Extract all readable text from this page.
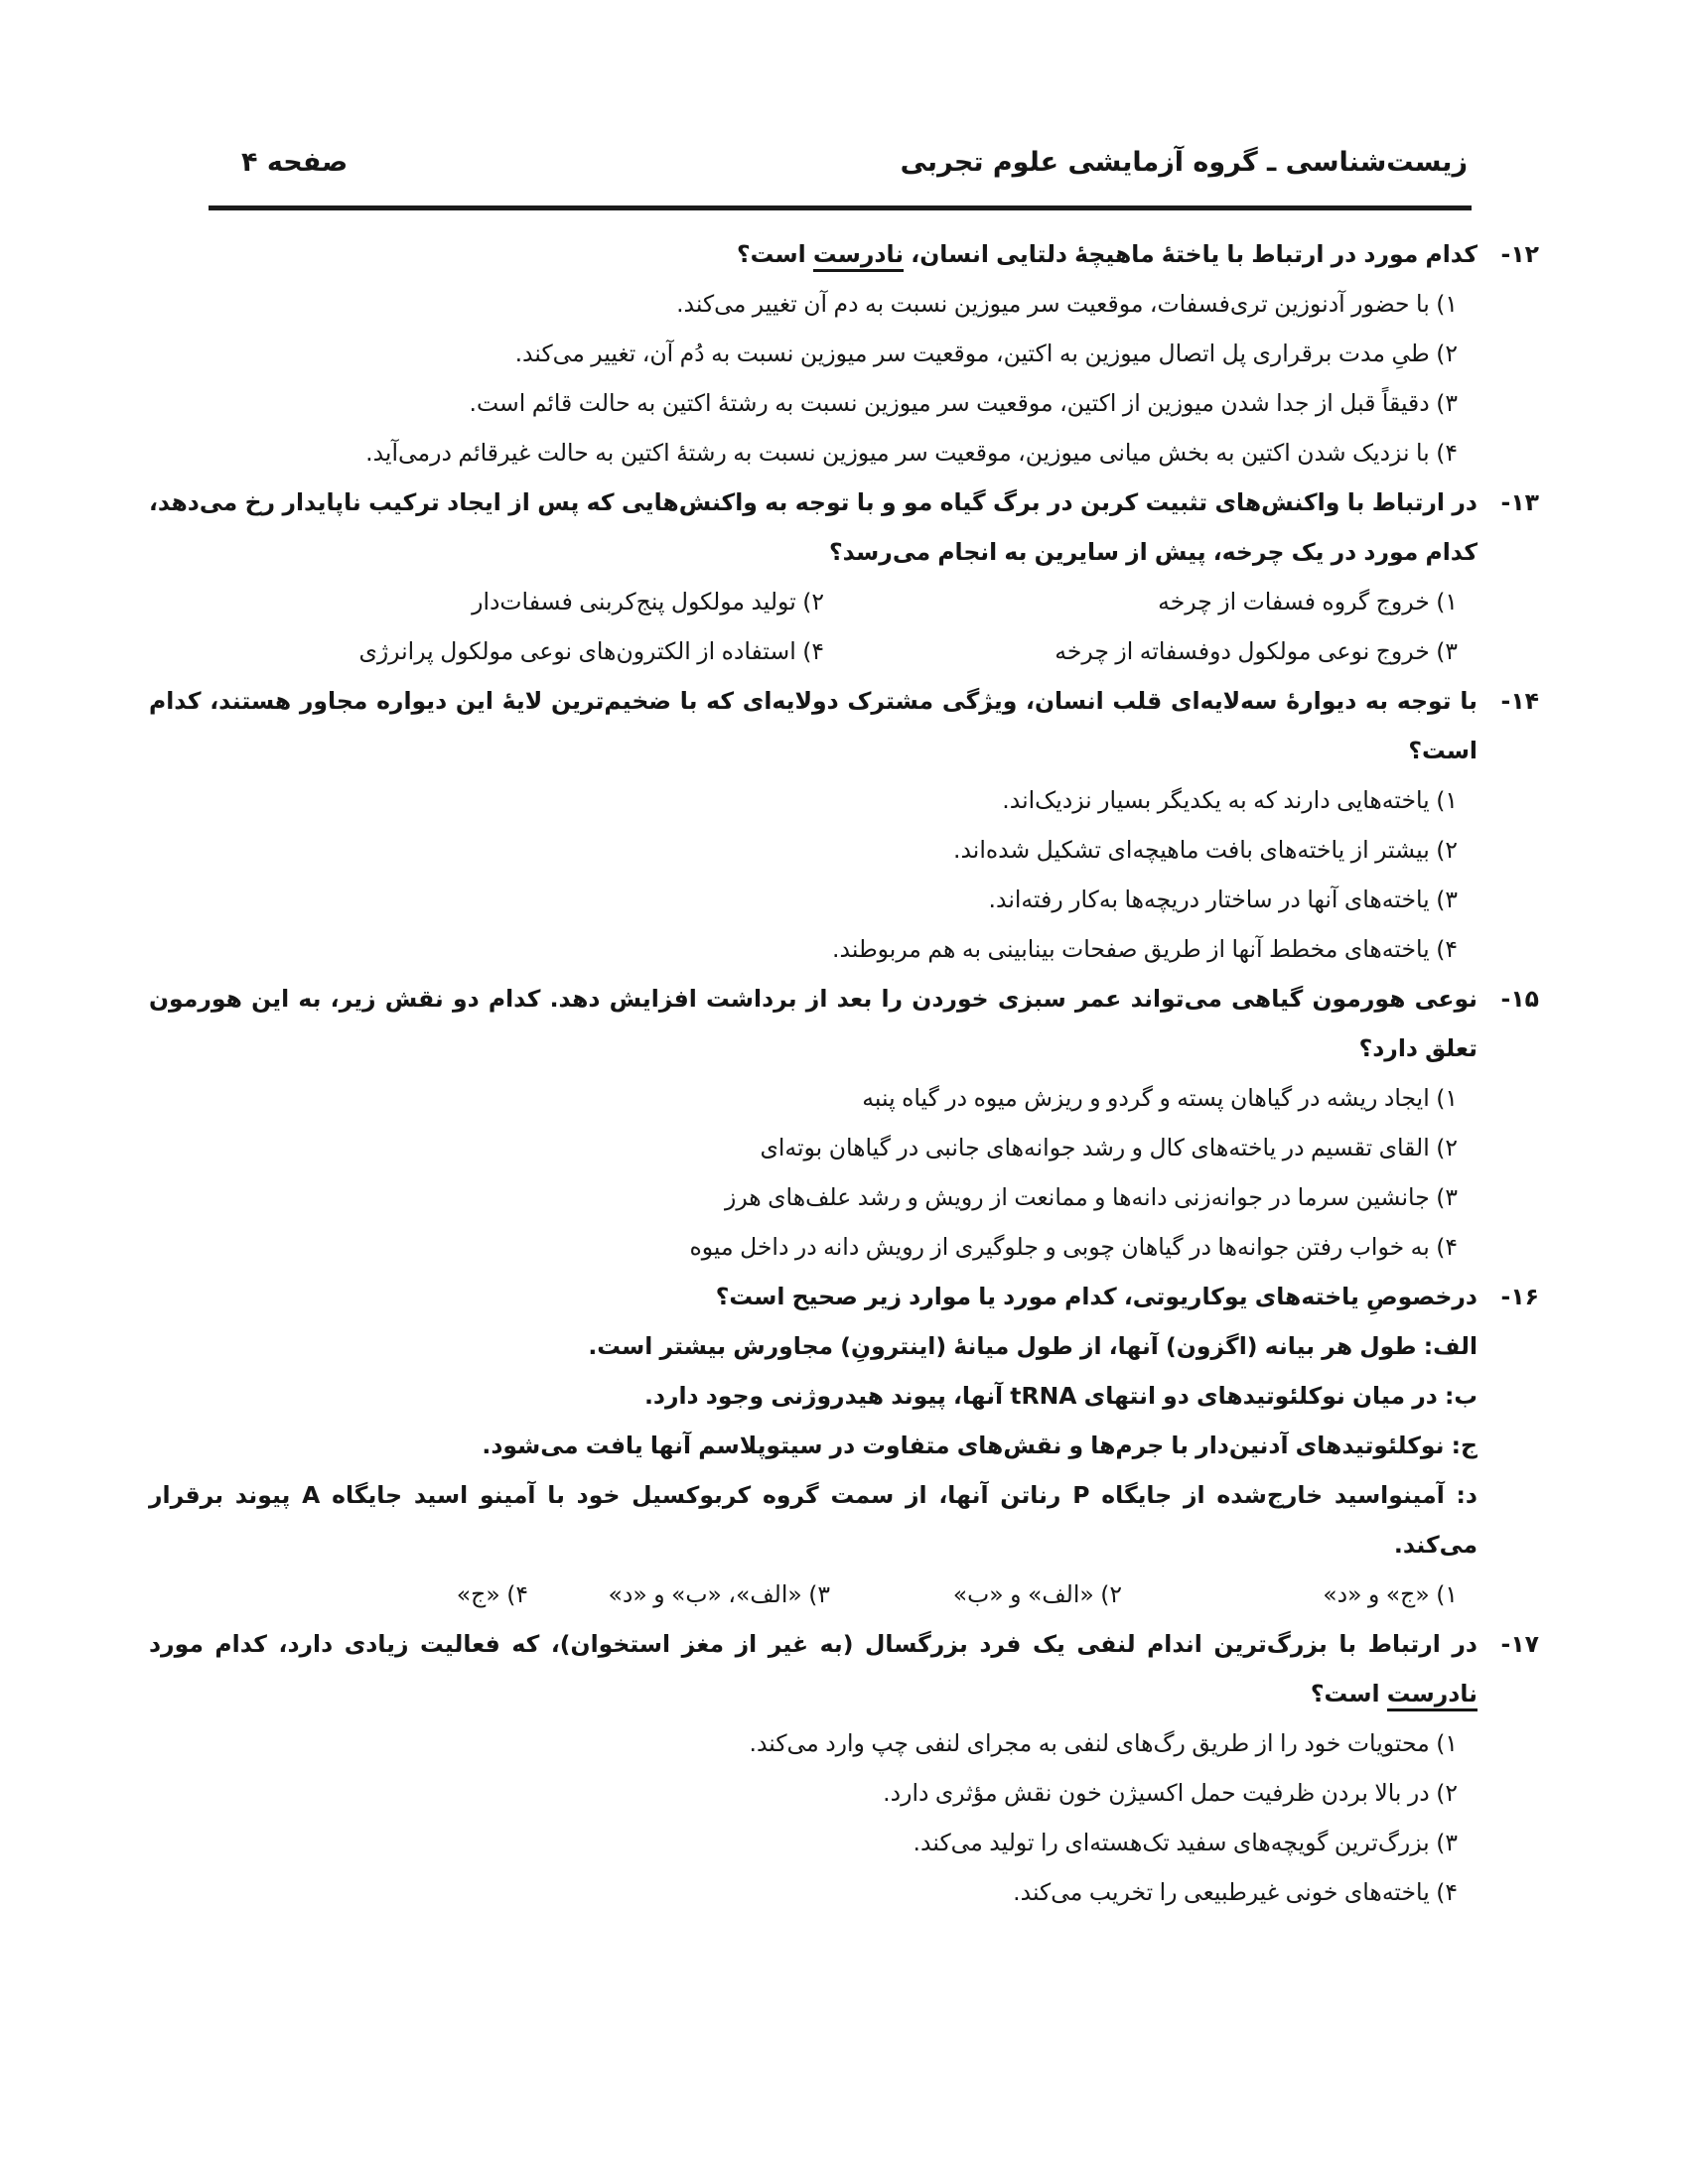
صفحه ۴	زیست‌شناسی ـ گروه آزمایشی علوم تجربی
۱۲-
کدام مورد در ارتباط با یاختهٔ ماهیچهٔ دلتایی انسان، نادرست است؟
۱) با حضور آدنوزین تری‌فسفات، موقعیت سر میوزین نسبت به دم آن تغییر می‌کند.
۲) طیِ مدت برقراری پل اتصال میوزین به اکتین، موقعیت سر میوزین نسبت به دُم آن، تغییر می‌کند.
۳) دقیقاً قبل از جدا شدن میوزین از اکتین، موقعیت سر میوزین نسبت به رشتهٔ اکتین به حالت قائم است.
۴) با نزدیک شدن اکتین به بخش میانی میوزین، موقعیت سر میوزین نسبت به رشتهٔ اکتین به حالت غیرقائم درمی‌آید.
۱۳-
در ارتباط با واکنش‌های تثبیت کربن در برگ گیاه مو و با توجه به واکنش‌هایی که پس از ایجاد ترکیب ناپایدار رخ می‌دهد، کدام مورد در یک چرخه، پیش از سایرین به انجام می‌رسد؟
۱) خروج گروه فسفات از چرخه
۲) تولید مولکول پنج‌کربنی فسفات‌دار
۳) خروج نوعی مولکول دوفسفاته از چرخه
۴) استفاده از الکترون‌های نوعی مولکول پرانرژی
۱۴-
با توجه به دیوارهٔ سه‌لایه‌ای قلب انسان، ویژگی مشترک دولایه‌ای که با ضخیم‌ترین لایهٔ این دیواره مجاور هستند، کدام است؟
۱) یاخته‌هایی دارند که به یکدیگر بسیار نزدیک‌اند.
۲) بیشتر از یاخته‌های بافت ماهیچه‌ای تشکیل شده‌اند.
۳) یاخته‌های آنها در ساختار دریچه‌ها به‌کار رفته‌اند.
۴) یاخته‌های مخطط آنها از طریق صفحات بینابینی به هم مربوطند.
۱۵-
نوعی هورمون گیاهی می‌تواند عمر سبزی خوردن را بعد از برداشت افزایش دهد. کدام دو نقش زیر، به این هورمون تعلق دارد؟
۱) ایجاد ریشه در گیاهان پسته و گردو و ریزش میوه در گیاه پنبه
۲) القای تقسیم در یاخته‌های کال و رشد جوانه‌های جانبی در گیاهان بوته‌ای
۳) جانشین سرما در جوانه‌زنی دانه‌ها و ممانعت از رویش و رشد علف‌های هرز
۴) به خواب رفتن جوانه‌ها در گیاهان چوبی و جلوگیری از رویش دانه در داخل میوه
۱۶-
درخصوصِ یاخته‌های یوکاریوتی، کدام مورد یا موارد زیر صحیح است؟
الف: طول هر بیانه (اگزون) آنها، از طول میانهٔ (اینترونِ) مجاورش بیشتر است.
ب: در میان نوکلئوتیدهای دو انتهای tRNA آنها، پیوند هیدروژنی وجود دارد.
ج: نوکلئوتیدهای آدنین‌دار با جرم‌ها و نقش‌های متفاوت در سیتوپلاسم آنها یافت می‌شود.
د: آمینواسید خارج‌شده از جایگاه P رناتن آنها، از سمت گروه کربوکسیل خود با آمینو اسید جایگاه A پیوند برقرار می‌کند.
۱) «ج» و «د»
۲) «الف» و «ب»
۳) «الف»، «ب» و «د»
۴) «ج»
۱۷-
در ارتباط با بزرگ‌ترین اندام لنفی یک فرد بزرگسال (به غیر از مغز استخوان)، که فعالیت زیادی دارد، کدام مورد نادرست است؟
۱) محتویات خود را از طریق رگ‌های لنفی به مجرای لنفی چپ وارد می‌کند.
۲) در بالا بردن ظرفیت حمل اکسیژن خون نقش مؤثری دارد.
۳) بزرگ‌ترین گویچه‌های سفید تک‌هسته‌ای را تولید می‌کند.
۴) یاخته‌های خونی غیرطبیعی را تخریب می‌کند.
